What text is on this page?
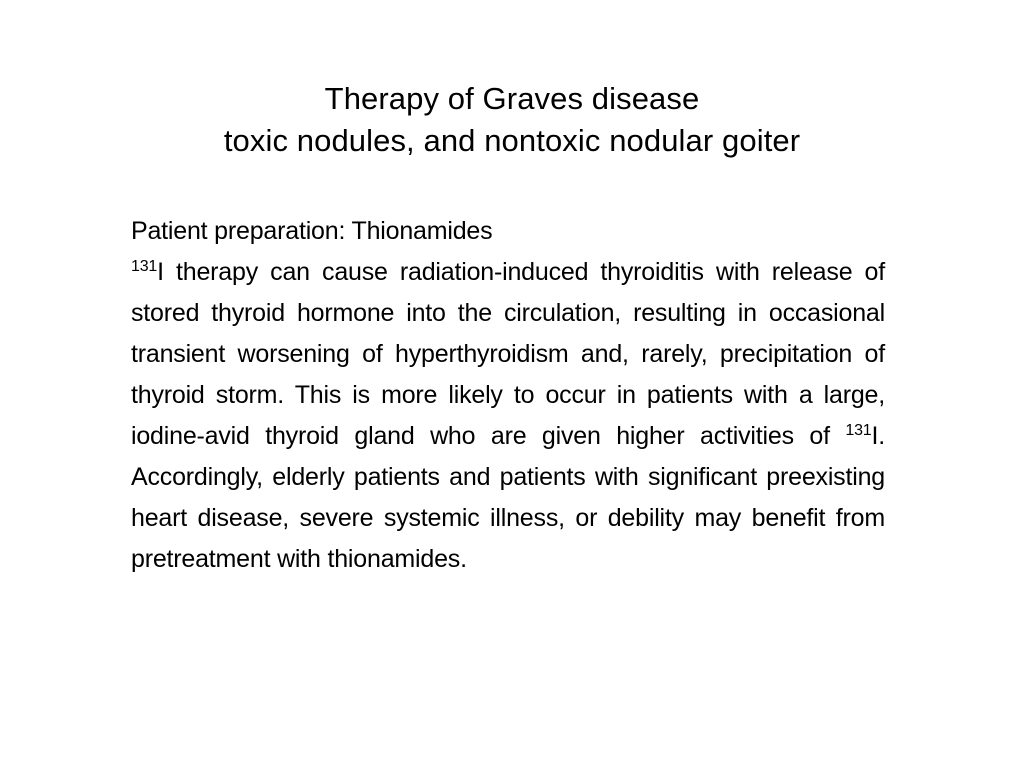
Therapy of Graves disease
toxic nodules, and nontoxic nodular goiter
Patient preparation: Thionamides
$^{131}$I therapy can cause radiation-induced thyroiditis with release of stored thyroid hormone into the circulation, resulting in occasional transient worsening of hyperthyroidism and, rarely, precipitation of thyroid storm. This is more likely to occur in patients with a large, iodine-avid thyroid gland who are given higher activities of $^{131}$I. Accordingly, elderly patients and patients with significant preexisting heart disease, severe systemic illness, or debility may benefit from pretreatment with thionamides.
